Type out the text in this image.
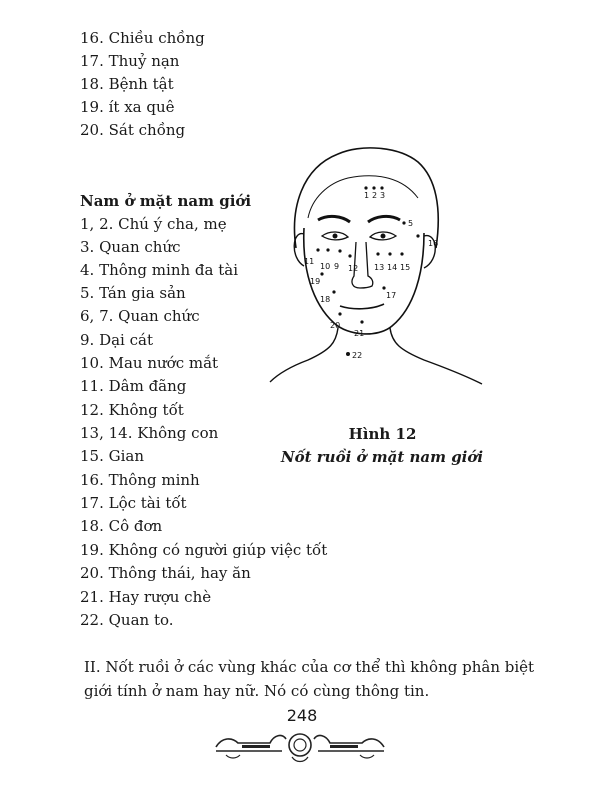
16. Chiều chồng
17. Thuỷ nạn
18. Bệnh tật
19. ít xa quê
20. Sát chồng
Nam ở mặt nam giới
1, 2. Chú ý cha, mẹ
3. Quan chức
4. Thông minh đa tài
5. Tán gia sản
6, 7. Quan chức
9. Dại cát
10. Mau nước mắt
11. Dâm đãng
12. Không tốt
13, 14. Không con
15. Gian
16. Thông minh
17. Lộc tài tốt
18. Cô đơn
19. Không có người giúp việc tốt
20. Thông thái, hay ăn
21. Hay rượu chè
22. Quan to.
1 2 3
5
16
11
10 9 12 13 14 15
19
18	17
20
21
22
Hình 12
Nốt ruồi ở mặt nam giới
II. Nốt ruồi ở các vùng khác của cơ thể thì không phân biệt
giới tính ở nam hay nữ. Nó có cùng thông tin.
248
